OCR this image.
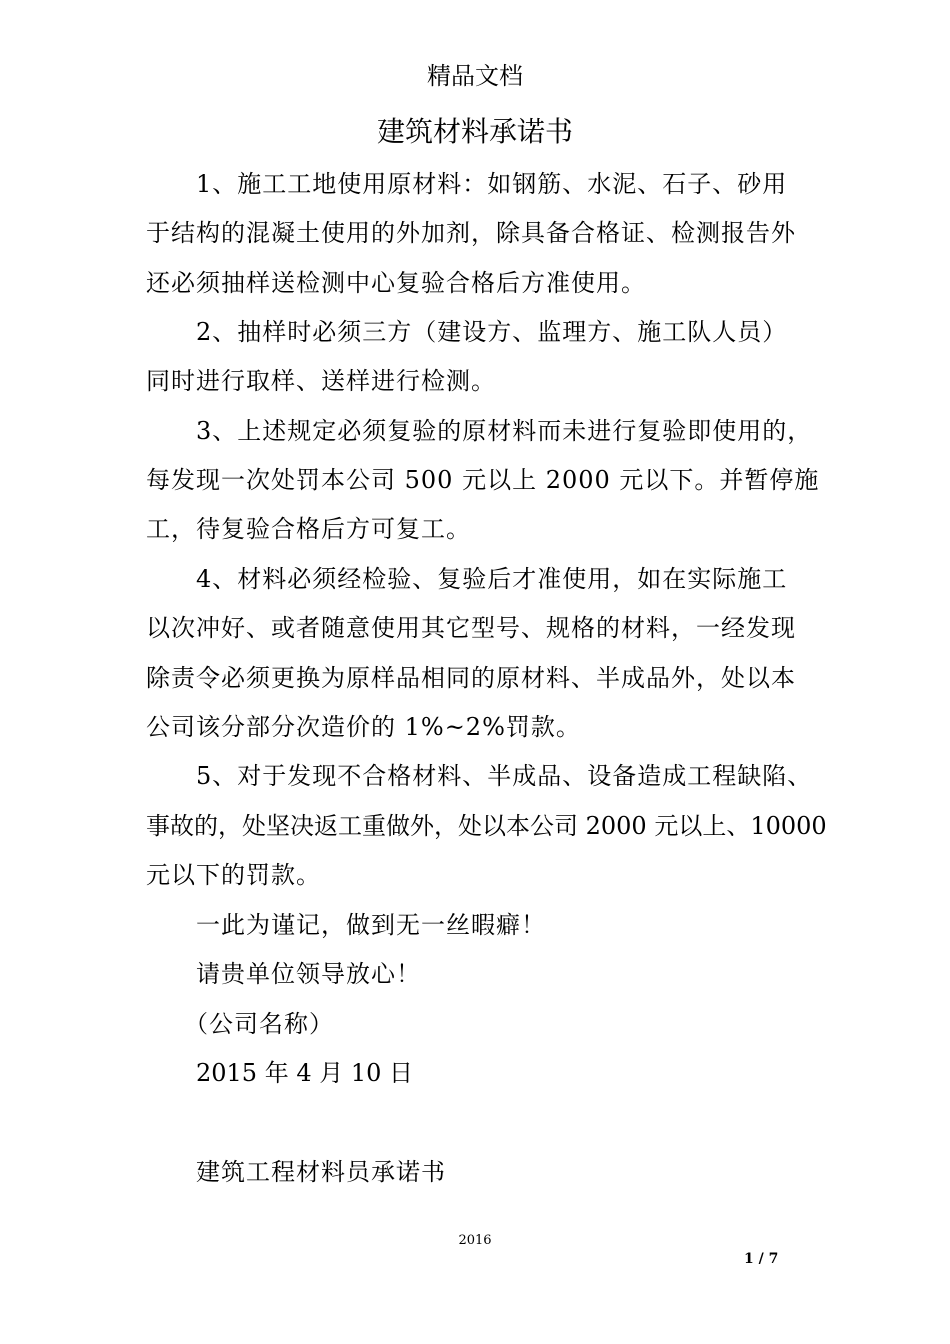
精品文档
建筑材料承诺书
1、施工工地使用原材料：如钢筋、水泥、石子、砂用
于结构的混凝土使用的外加剂，除具备合格证、检测报告外
还必须抽样送检测中心复验合格后方准使用。
2、抽样时必须三方（建设方、监理方、施工队人员）
同时进行取样、送样进行检测。
3、上述规定必须复验的原材料而未进行复验即使用的，
每发现一次处罚本公司 500 元以上 2000 元以下。并暂停施
工，待复验合格后方可复工。
4、材料必须经检验、复验后才准使用，如在实际施工
以次冲好、或者随意使用其它型号、规格的材料，一经发现
除责令必须更换为原样品相同的原材料、半成品外，处以本
公司该分部分次造价的 1%~2%罚款。
5、对于发现不合格材料、半成品、设备造成工程缺陷、
事故的，处坚决返工重做外，处以本公司 2000 元以上、10000
元以下的罚款。
一此为谨记，做到无一丝暇癖！
请贵单位领导放心！
（公司名称）
2015 年 4 月 10 日
建筑工程材料员承诺书
2016
1 / 7
